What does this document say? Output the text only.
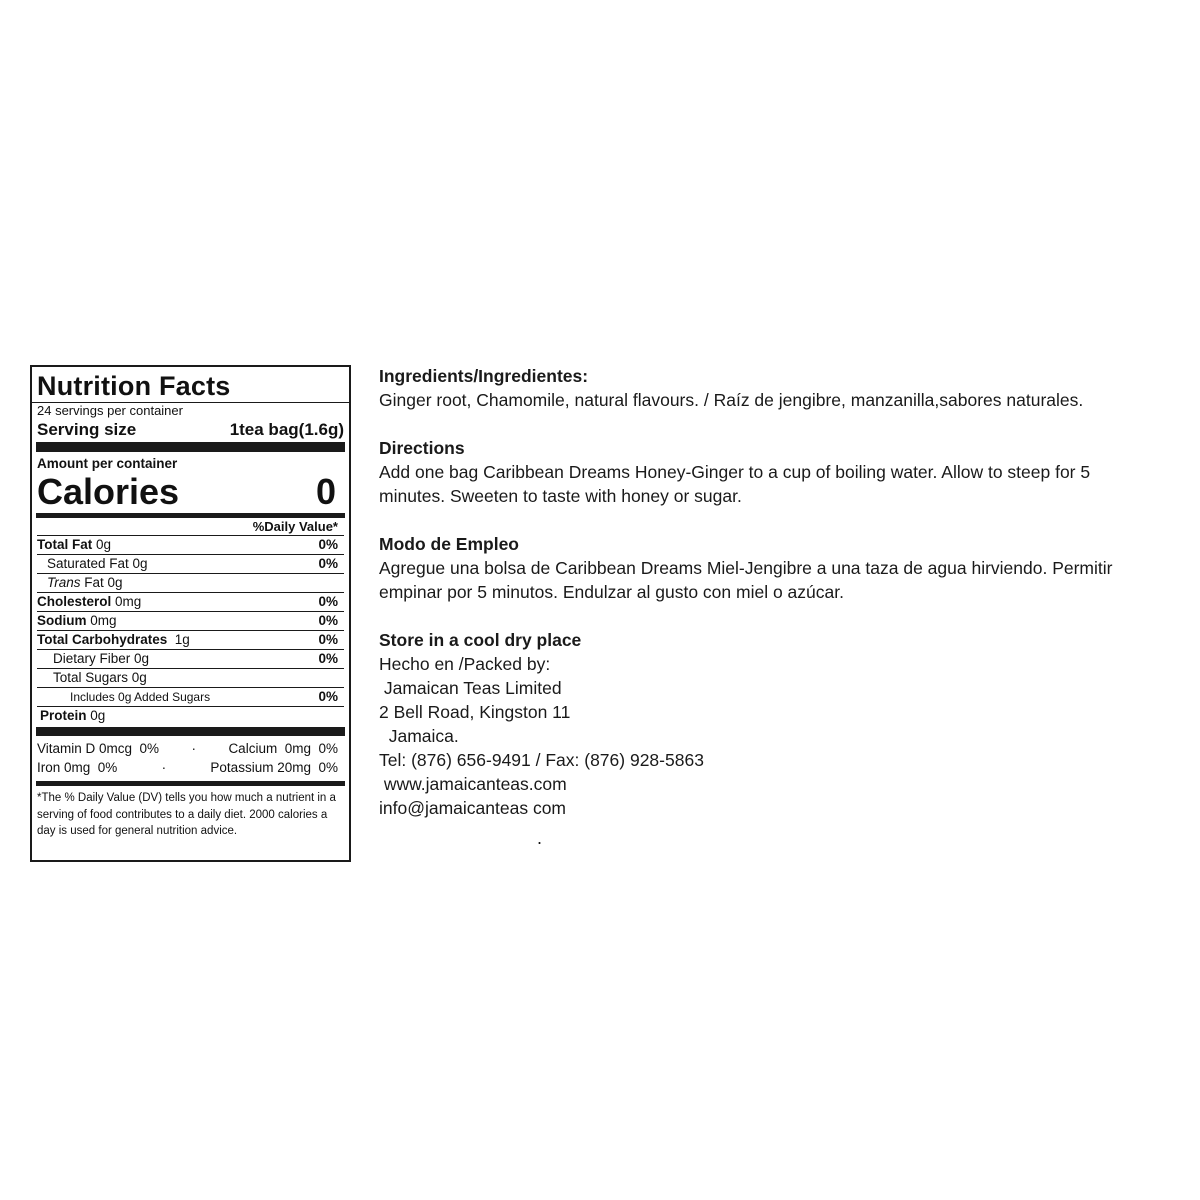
Nutrition Facts
24 servings per container
Serving size	1tea bag(1.6g)
Amount per container
Calories	0
%Daily Value*
Total Fat 0g	0%
Saturated Fat 0g	0%
Trans Fat 0g
Cholesterol 0mg	0%
Sodium 0mg	0%
Total Carbohydrates  1g	0%
Dietary Fiber 0g	0%
Total Sugars 0g
Includes 0g Added Sugars	0%
Protein 0g
Vitamin D 0mcg  0% · Calcium  0mg  0%
Iron 0mg  0%	·	Potassium 20mg  0%
*The % Daily Value (DV) tells you how much a nutrient in a serving of food contributes to a daily diet. 2000 calories a day is used for general nutrition advice.

Ingredients/Ingredientes:

Ginger root, Chamomile, natural flavours. / Raíz de jengibre, manzanilla,sabores naturales.

Directions

Add one bag Caribbean Dreams Honey-Ginger to a cup of boiling water. Allow to steep for 5

minutes. Sweeten to taste with honey or sugar.

Modo de Empleo

Agregue una bolsa de Caribbean Dreams Miel-Jengibre a una taza de agua hirviendo. Permitir

empinar por 5 minutos. Endulzar al gusto con miel o azúcar.

Store in a cool dry place

Hecho en /Packed by:

Jamaican Teas Limited

2 Bell Road, Kingston 11

Jamaica.

Tel: (876) 656-9491 / Fax: (876) 928-5863

www.jamaicanteas.com

info@jamaicanteas com

.
